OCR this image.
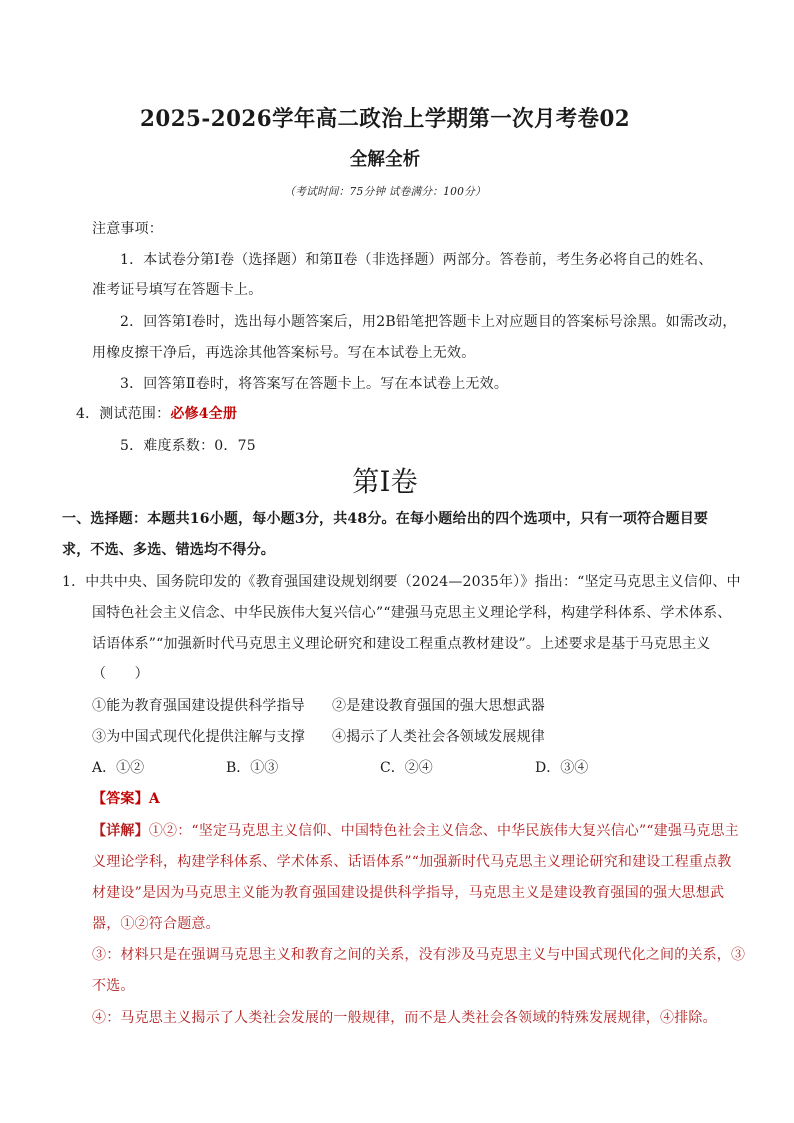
2025-2026学年高二政治上学期第一次月考卷02
全解全析
（考试时间：75分钟 试卷满分：100分）
注意事项：
1．本试卷分第Ⅰ卷（选择题）和第Ⅱ卷（非选择题）两部分。答卷前，考生务必将自己的姓名、
准考证号填写在答题卡上。
2．回答第Ⅰ卷时，选出每小题答案后，用2B铅笔把答题卡上对应题目的答案标号涂黑。如需改动，
用橡皮擦干净后，再选涂其他答案标号。写在本试卷上无效。
3．回答第Ⅱ卷时，将答案写在答题卡上。写在本试卷上无效。
4．测试范围：必修4全册
5．难度系数：0．75
第Ⅰ卷
一、选择题：本题共16小题，每小题3分，共48分。在每小题给出的四个选项中，只有一项符合题目要
求，不选、多选、错选均不得分。
1．中共中央、国务院印发的《教育强国建设规划纲要（2024—2035年）》指出：“坚定马克思主义信仰、中
国特色社会主义信念、中华民族伟大复兴信心”“建强马克思主义理论学科，构建学科体系、学术体系、
话语体系”“加强新时代马克思主义理论研究和建设工程重点教材建设”。上述要求是基于马克思主义
（　　）
①能为教育强国建设提供科学指导 ②是建设教育强国的强大思想武器
③为中国式现代化提供注解与支撑 ④揭示了人类社会各领域发展规律
A．①②	B．①③	C．②④	D．③④
【答案】A
【详解】①②：“坚定马克思主义信仰、中国特色社会主义信念、中华民族伟大复兴信心”“建强马克思主
义理论学科，构建学科体系、学术体系、话语体系”“加强新时代马克思主义理论研究和建设工程重点教
材建设”是因为马克思主义能为教育强国建设提供科学指导，马克思主义是建设教育强国的强大思想武
器，①②符合题意。
③：材料只是在强调马克思主义和教育之间的关系，没有涉及马克思主义与中国式现代化之间的关系，③
不选。
④：马克思主义揭示了人类社会发展的一般规律，而不是人类社会各领域的特殊发展规律，④排除。
